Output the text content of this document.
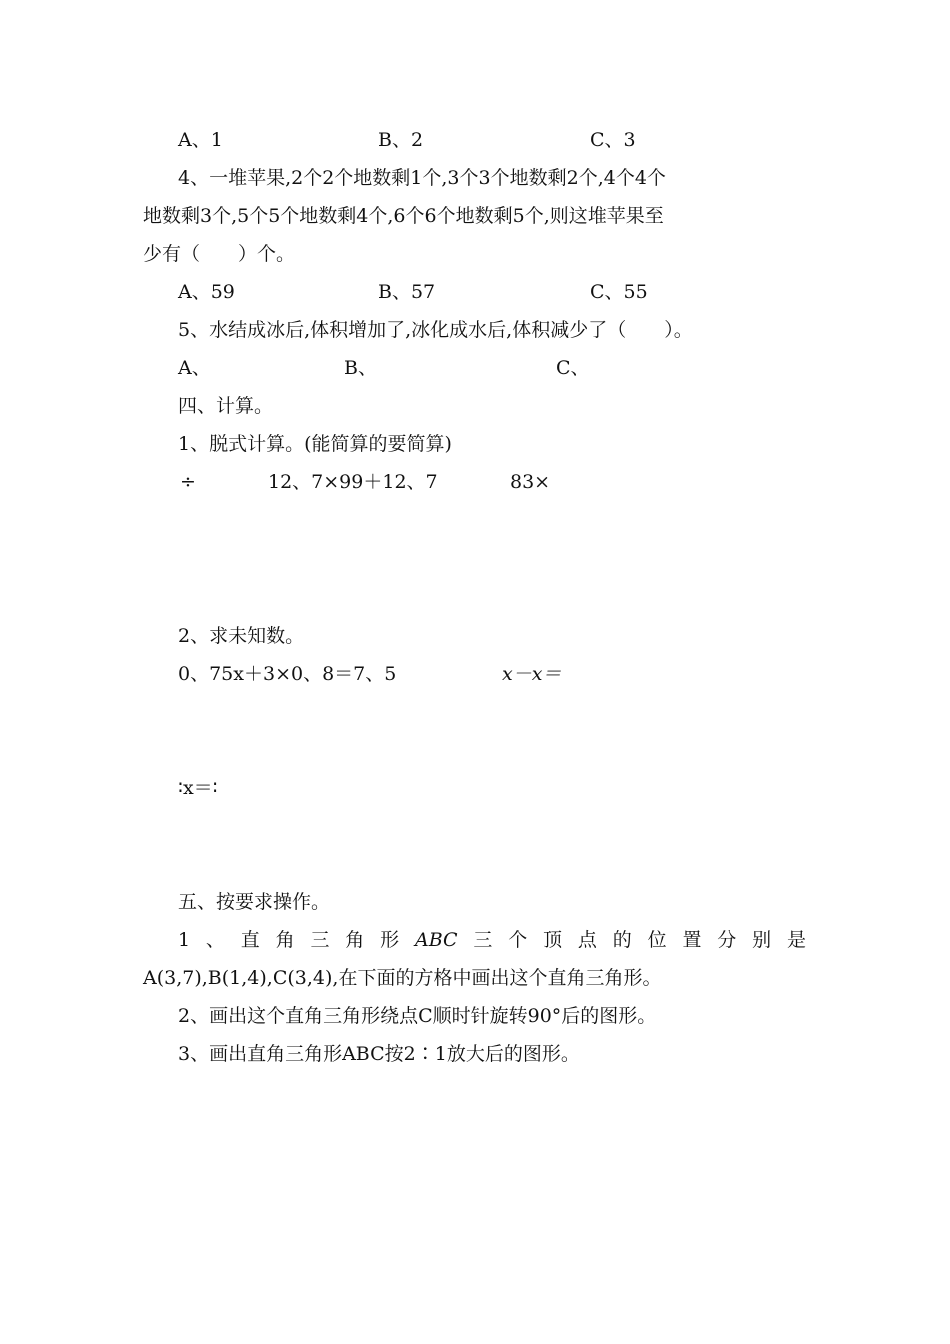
A、1	B、2	C、3
4、一堆苹果,2个2个地数剩1个,3个3个地数剩2个,4个4个
地数剩3个,5个5个地数剩4个,6个6个地数剩5个,则这堆苹果至
少有（　　）个。
A、59	B、57	C、55
5、水结成冰后,体积增加了,冰化成水后,体积减少了（　　）。
A、	B、	C、
四、计算。
1、脱式计算。(能简算的要简算)
÷	12、7×99＋12、7	83×
2、求未知数。
0、75x＋3×0、8＝7、5	x－x＝
∶x＝∶
五、按要求操作。
1 、 直 角 三 角 形 ABC 三 个 顶 点 的 位 置 分 别 是
A(3,7),B(1,4),C(3,4),在下面的方格中画出这个直角三角形。
2、画出这个直角三角形绕点C顺时针旋转90°后的图形。
3、画出直角三角形ABC按2∶1放大后的图形。
